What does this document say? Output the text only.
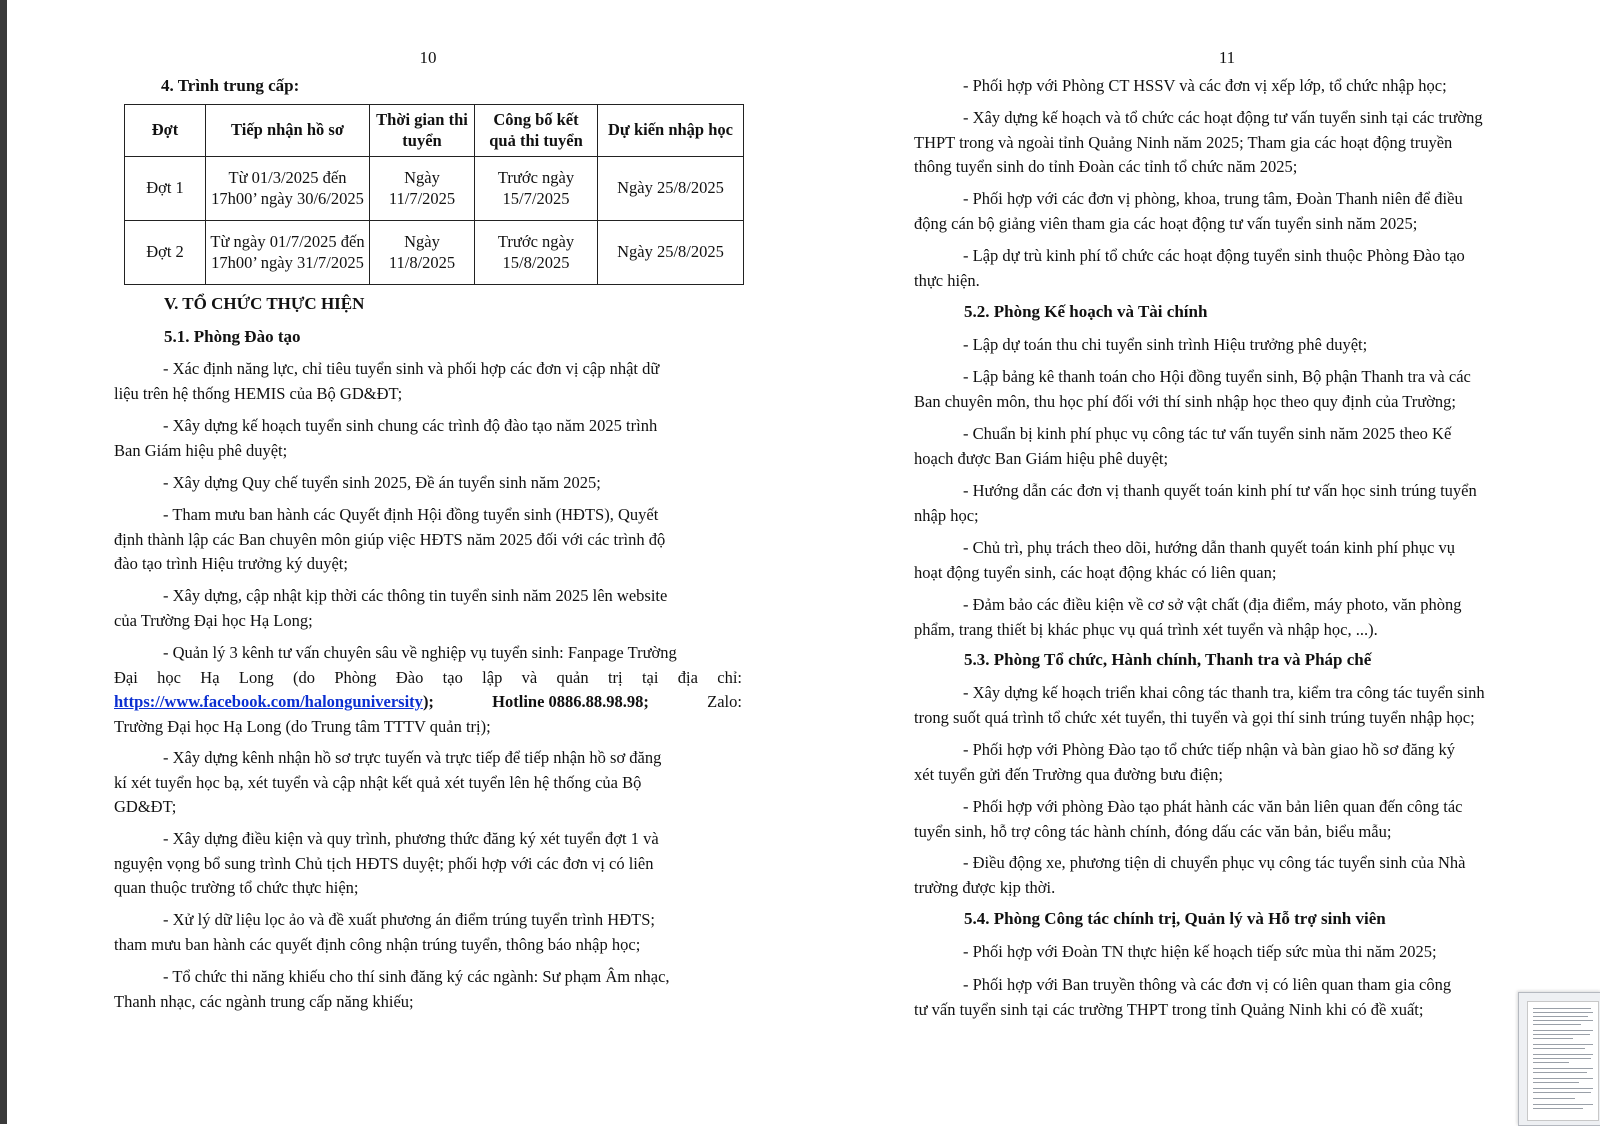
10
4. Trình trung cấp:
Đợt	Tiếp nhận hồ sơ	Thời gian thi tuyển	Công bố kết quả thi tuyển	Dự kiến nhập học
Đợt 1	Từ 01/3/2025 đến 17h00’ ngày 30/6/2025	Ngày 11/7/2025	Trước ngày 15/7/2025	Ngày 25/8/2025
Đợt 2	Từ ngày 01/7/2025 đến 17h00’ ngày 31/7/2025	Ngày 11/8/2025	Trước ngày 15/8/2025	Ngày 25/8/2025
V. TỔ CHỨC THỰC HIỆN
5.1. Phòng Đào tạo
- Xác định năng lực, chỉ tiêu tuyển sinh và phối hợp các đơn vị cập nhật dữ
liệu trên hệ thống HEMIS của Bộ GD&ĐT;
- Xây dựng kế hoạch tuyển sinh chung các trình độ đào tạo năm 2025 trình
Ban Giám hiệu phê duyệt;
- Xây dựng Quy chế tuyển sinh 2025, Đề án tuyển sinh năm 2025;
- Tham mưu ban hành các Quyết định Hội đồng tuyển sinh (HĐTS), Quyết
định thành lập các Ban chuyên môn giúp việc HĐTS năm 2025 đối với các trình độ
đào tạo trình Hiệu trưởng ký duyệt;
- Xây dựng, cập nhật kịp thời các thông tin tuyển sinh năm 2025 lên website
của Trường Đại học Hạ Long;
- Quản lý 3 kênh tư vấn chuyên sâu về nghiệp vụ tuyển sinh: Fanpage Trường
Đại học Hạ Long (do Phòng Đào tạo lập và quản trị tại địa chỉ:
https://www.facebook.com/halonguniversity);	Hotline 0886.88.98.98;	Zalo:
Trường Đại học Hạ Long (do Trung tâm TTTV quản trị);
- Xây dựng kênh nhận hồ sơ trực tuyến và trực tiếp để tiếp nhận hồ sơ đăng
kí xét tuyển học bạ, xét tuyển và cập nhật kết quả xét tuyển lên hệ thống của Bộ
GD&ĐT;
- Xây dựng điều kiện và quy trình, phương thức đăng ký xét tuyển đợt 1 và
nguyện vọng bổ sung trình Chủ tịch HĐTS duyệt; phối hợp với các đơn vị có liên
quan thuộc trường tổ chức thực hiện;
- Xử lý dữ liệu lọc ảo và đề xuất phương án điểm trúng tuyển trình HĐTS;
tham mưu ban hành các quyết định công nhận trúng tuyển, thông báo nhập học;
- Tổ chức thi năng khiếu cho thí sinh đăng ký các ngành: Sư phạm Âm nhạc,
Thanh nhạc, các ngành trung cấp năng khiếu;
11
- Phối hợp với Phòng CT HSSV và các đơn vị xếp lớp, tổ chức nhập học;
- Xây dựng kế hoạch và tổ chức các hoạt động tư vấn tuyển sinh tại các trường
THPT trong và ngoài tỉnh Quảng Ninh năm 2025; Tham gia các hoạt động truyền
thông tuyển sinh do tỉnh Đoàn các tỉnh tổ chức năm 2025;
- Phối hợp với các đơn vị phòng, khoa, trung tâm, Đoàn Thanh niên để điều
động cán bộ giảng viên tham gia các hoạt động tư vấn tuyển sinh năm 2025;
- Lập dự trù kinh phí tổ chức các hoạt động tuyển sinh thuộc Phòng Đào tạo
thực hiện.
5.2. Phòng Kế hoạch và Tài chính
- Lập dự toán thu chi tuyển sinh trình Hiệu trưởng phê duyệt;
- Lập bảng kê thanh toán cho Hội đồng tuyển sinh, Bộ phận Thanh tra và các
Ban chuyên môn, thu học phí đối với thí sinh nhập học theo quy định của Trường;
- Chuẩn bị kinh phí phục vụ công tác tư vấn tuyển sinh năm 2025 theo Kế
hoạch được Ban Giám hiệu phê duyệt;
- Hướng dẫn các đơn vị thanh quyết toán kinh phí tư vấn học sinh trúng tuyển
nhập học;
- Chủ trì, phụ trách theo dõi, hướng dẫn thanh quyết toán kinh phí phục vụ
hoạt động tuyển sinh, các hoạt động khác có liên quan;
- Đảm bảo các điều kiện về cơ sở vật chất (địa điểm, máy photo, văn phòng
phẩm, trang thiết bị khác phục vụ quá trình xét tuyển và nhập học, ...).
5.3. Phòng Tổ chức, Hành chính, Thanh tra và Pháp chế
- Xây dựng kế hoạch triển khai công tác thanh tra, kiểm tra công tác tuyển sinh
trong suốt quá trình tổ chức xét tuyển, thi tuyển và gọi thí sinh trúng tuyển nhập học;
- Phối hợp với Phòng Đào tạo tổ chức tiếp nhận và bàn giao hồ sơ đăng ký
xét tuyển gửi đến Trường qua đường bưu điện;
- Phối hợp với phòng Đào tạo phát hành các văn bản liên quan đến công tác
tuyển sinh, hỗ trợ công tác hành chính, đóng dấu các văn bản, biểu mẫu;
- Điều động xe, phương tiện di chuyển phục vụ công tác tuyển sinh của Nhà
trường được kịp thời.
5.4. Phòng Công tác chính trị, Quản lý và Hỗ trợ sinh viên
- Phối hợp với Đoàn TN thực hiện kế hoạch tiếp sức mùa thi năm 2025;
- Phối hợp với Ban truyền thông và các đơn vị có liên quan tham gia công
tư vấn tuyển sinh tại các trường THPT trong tỉnh Quảng Ninh khi có đề xuất;
